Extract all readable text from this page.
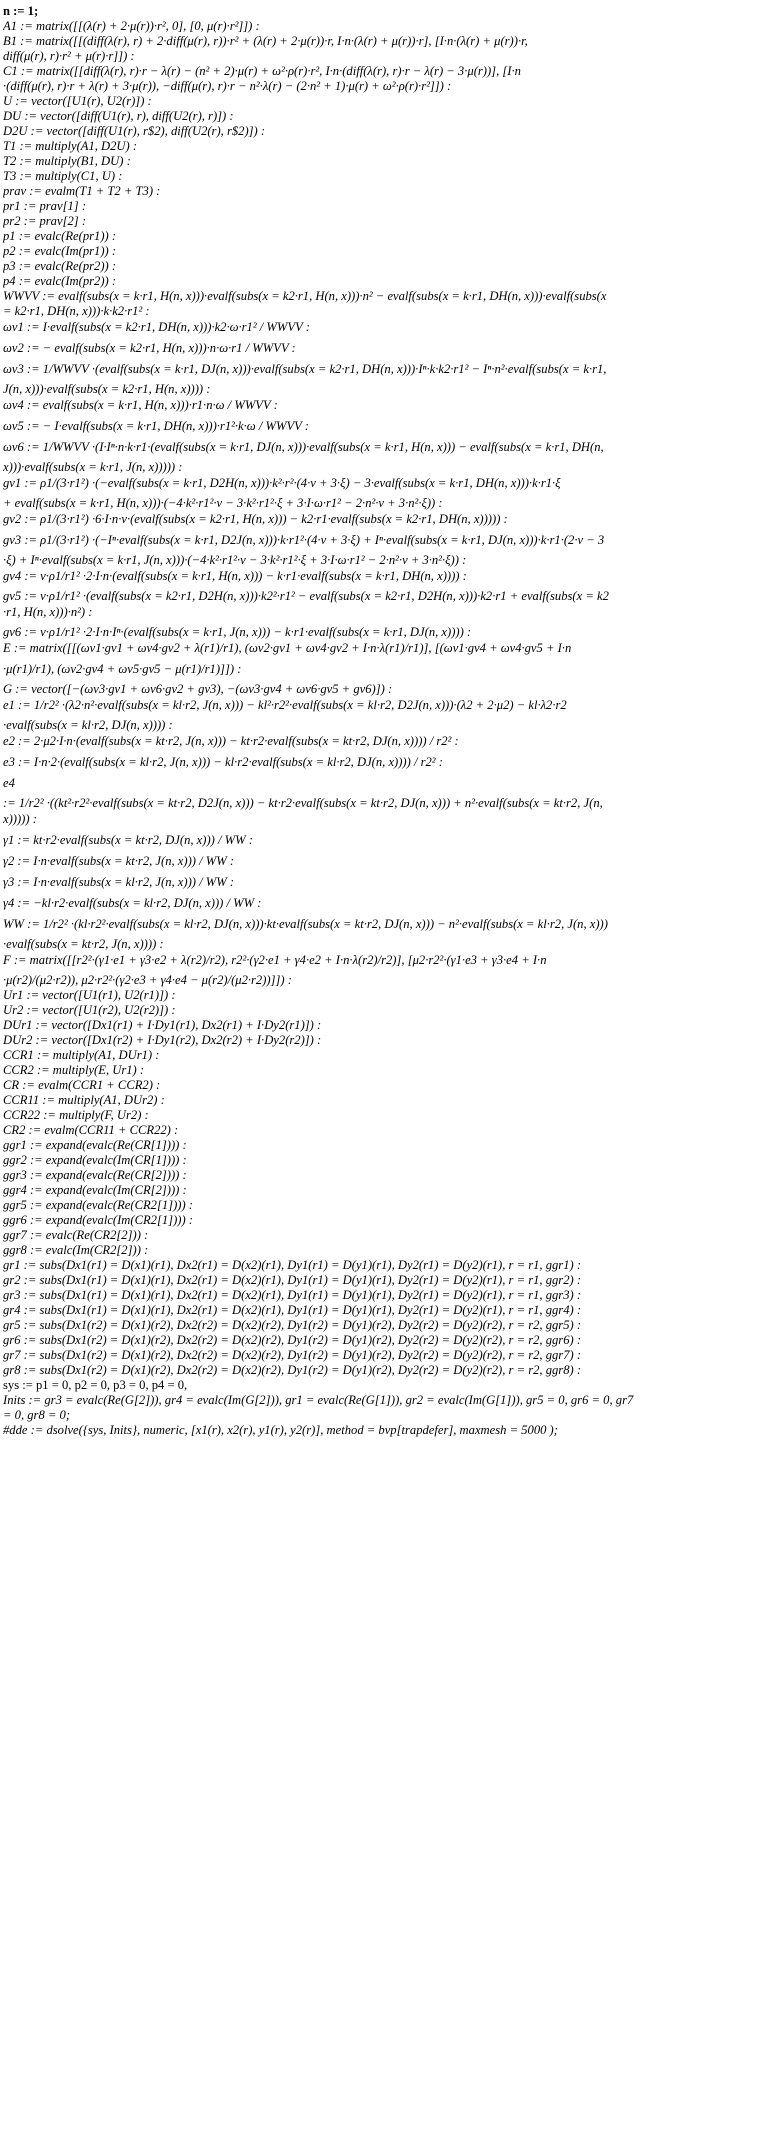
n := 1;
A1 := matrix([[(λ(r) + 2·μ(r))·r², 0], [0, μ(r)·r²]]) :
B1 := matrix([[(diff(λ(r), r) + 2·diff(μ(r), r))·r² + (λ(r) + 2·μ(r))·r, I·n·(λ(r) + μ(r))·r], [I·n·(λ(r) + μ(r))·r,
diff(μ(r), r)·r² + μ(r)·r]]) :
C1 := matrix([[diff(λ(r), r)·r − λ(r) − (n² + 2)·μ(r) + ω²·ρ(r)·r², I·n·(diff(λ(r), r)·r − λ(r) − 3·μ(r))], [I·n
·(diff(μ(r), r)·r + λ(r) + 3·μ(r)), −diff(μ(r), r)·r − n²·λ(r) − (2·n² + 1)·μ(r) + ω²·ρ(r)·r²]]) :
U := vector([U1(r), U2(r)]) :
DU := vector([diff(U1(r), r), diff(U2(r), r)]) :
D2U := vector([diff(U1(r), r$2), diff(U2(r), r$2)]) :
T1 := multiply(A1, D2U) :
T2 := multiply(B1, DU) :
T3 := multiply(C1, U) :
prav := evalm(T1 + T2 + T3) :
pr1 := prav[1] :
pr2 := prav[2] :
p1 := evalc(Re(pr1)) :
p2 := evalc(Im(pr1)) :
p3 := evalc(Re(pr2)) :
p4 := evalc(Im(pr2)) :
WWVV := evalf(subs(x = k·r1, H(n, x)))·evalf(subs(x = k2·r1, H(n, x)))·n² − evalf(subs(x = k·r1, DH(n, x)))·evalf(subs(x
= k2·r1, DH(n, x)))·k·k2·r1² :
ωv1 := I·evalf(subs(x = k2·r1, DH(n, x)))·k2·ω·r1² / WWVV :
ωv2 := − evalf(subs(x = k2·r1, H(n, x)))·n·ω·r1 / WWVV :
ωv3 := 1/WWVV ·(evalf(subs(x = k·r1, DJ(n, x)))·evalf(subs(x = k2·r1, DH(n, x)))·Iⁿ·k·k2·r1² − Iⁿ·n²·evalf(subs(x = k·r1,
J(n, x)))·evalf(subs(x = k2·r1, H(n, x)))) :
ωv4 := evalf(subs(x = k·r1, H(n, x)))·r1·n·ω / WWVV :
ωv5 := − I·evalf(subs(x = k·r1, DH(n, x)))·r1²·k·ω / WWVV :
ωv6 := 1/WWVV ·(I·Iⁿ·n·k·r1·(evalf(subs(x = k·r1, DJ(n, x)))·evalf(subs(x = k·r1, H(n, x))) − evalf(subs(x = k·r1, DH(n,
x)))·evalf(subs(x = k·r1, J(n, x))))) :
gv1 := ρ1/(3·r1²) ·(−evalf(subs(x = k·r1, D2H(n, x)))·k²·r²·(4·ν + 3·ξ) − 3·evalf(subs(x = k·r1, DH(n, x)))·k·r1·ξ
+ evalf(subs(x = k·r1, H(n, x)))·(−4·k²·r1²·ν − 3·k²·r1²·ξ + 3·I·ω·r1² − 2·n²·ν + 3·n²·ξ)) :
gv2 := ρ1/(3·r1²) ·6·I·n·ν·(evalf(subs(x = k2·r1, H(n, x))) − k2·r1·evalf(subs(x = k2·r1, DH(n, x))))) :
gv3 := ρ1/(3·r1²) ·(−Iⁿ·evalf(subs(x = k·r1, D2J(n, x)))·k·r1²·(4·ν + 3·ξ) + Iⁿ·evalf(subs(x = k·r1, DJ(n, x)))·k·r1·(2·ν − 3
·ξ) + Iⁿ·evalf(subs(x = k·r1, J(n, x)))·(−4·k²·r1²·ν − 3·k²·r1²·ξ + 3·I·ω·r1² − 2·n²·ν + 3·n²·ξ)) :
gv4 := ν·ρ1/r1² ·2·I·n·(evalf(subs(x = k·r1, H(n, x))) − k·r1·evalf(subs(x = k·r1, DH(n, x)))) :
gv5 := ν·ρ1/r1² ·(evalf(subs(x = k2·r1, D2H(n, x)))·k2²·r1² − evalf(subs(x = k2·r1, D2H(n, x)))·k2·r1 + evalf(subs(x = k2
·r1, H(n, x)))·n²) :
gv6 := ν·ρ1/r1² ·2·I·n·Iⁿ·(evalf(subs(x = k·r1, J(n, x))) − k·r1·evalf(subs(x = k·r1, DJ(n, x)))) :
E := matrix([[(ωv1·gv1 + ωv4·gv2 + λ(r1)/r1), (ωv2·gv1 + ωv4·gv2 + I·n·λ(r1)/r1)], [(ωv1·gv4 + ωv4·gv5 + I·n
·μ(r1)/r1), (ωv2·gv4 + ωv5·gv5 − μ(r1)/r1)]]) :
G := vector([−(ωv3·gv1 + ωv6·gv2 + gv3), −(ωv3·gv4 + ωv6·gv5 + gv6)]) :
e1 := 1/r2² ·(λ2·n²·evalf(subs(x = kl·r2, J(n, x))) − kl²·r2²·evalf(subs(x = kl·r2, D2J(n, x)))·(λ2 + 2·μ2) − kl·λ2·r2
·evalf(subs(x = kl·r2, DJ(n, x)))) :
e2 := 2·μ2·I·n·(evalf(subs(x = kt·r2, J(n, x))) − kt·r2·evalf(subs(x = kt·r2, DJ(n, x)))) / r2² :
e3 := I·n·2·(evalf(subs(x = kl·r2, J(n, x))) − kl·r2·evalf(subs(x = kl·r2, DJ(n, x)))) / r2² :
e4
:= 1/r2² ·((kt²·r2²·evalf(subs(x = kt·r2, D2J(n, x))) − kt·r2·evalf(subs(x = kt·r2, DJ(n, x))) + n²·evalf(subs(x = kt·r2, J(n,
x))))) :
γ1 := kt·r2·evalf(subs(x = kt·r2, DJ(n, x))) / WW :
γ2 := I·n·evalf(subs(x = kt·r2, J(n, x))) / WW :
γ3 := I·n·evalf(subs(x = kl·r2, J(n, x))) / WW :
γ4 := −kl·r2·evalf(subs(x = kl·r2, DJ(n, x))) / WW :
WW := 1/r2² ·(kl·r2²·evalf(subs(x = kl·r2, DJ(n, x)))·kt·evalf(subs(x = kt·r2, DJ(n, x))) − n²·evalf(subs(x = kl·r2, J(n, x)))
·evalf(subs(x = kt·r2, J(n, x)))) :
F := matrix([[r2²·(γ1·e1 + γ3·e2 + λ(r2)/r2), r2²·(γ2·e1 + γ4·e2 + I·n·λ(r2)/r2)], [μ2·r2²·(γ1·e3 + γ3·e4 + I·n
·μ(r2)/(μ2·r2)), μ2·r2²·(γ2·e3 + γ4·e4 − μ(r2)/(μ2·r2))]]) :
Ur1 := vector([U1(r1), U2(r1)]) :
Ur2 := vector([U1(r2), U2(r2)]) :
DUr1 := vector([Dx1(r1) + I·Dy1(r1), Dx2(r1) + I·Dy2(r1)]) :
DUr2 := vector([Dx1(r2) + I·Dy1(r2), Dx2(r2) + I·Dy2(r2)]) :
CCR1 := multiply(A1, DUr1) :
CCR2 := multiply(E, Ur1) :
CR := evalm(CCR1 + CCR2) :
CCR11 := multiply(A1, DUr2) :
CCR22 := multiply(F, Ur2) :
CR2 := evalm(CCR11 + CCR22) :
ggr1 := expand(evalc(Re(CR[1]))) :
ggr2 := expand(evalc(Im(CR[1]))) :
ggr3 := expand(evalc(Re(CR[2]))) :
ggr4 := expand(evalc(Im(CR[2]))) :
ggr5 := expand(evalc(Re(CR2[1]))) :
ggr6 := expand(evalc(Im(CR2[1]))) :
ggr7 := evalc(Re(CR2[2])) :
ggr8 := evalc(Im(CR2[2])) :
gr1 := subs(Dx1(r1) = D(x1)(r1), Dx2(r1) = D(x2)(r1), Dy1(r1) = D(y1)(r1), Dy2(r1) = D(y2)(r1), r = r1, ggr1) :
gr2 := subs(Dx1(r1) = D(x1)(r1), Dx2(r1) = D(x2)(r1), Dy1(r1) = D(y1)(r1), Dy2(r1) = D(y2)(r1), r = r1, ggr2) :
gr3 := subs(Dx1(r1) = D(x1)(r1), Dx2(r1) = D(x2)(r1), Dy1(r1) = D(y1)(r1), Dy2(r1) = D(y2)(r1), r = r1, ggr3) :
gr4 := subs(Dx1(r1) = D(x1)(r1), Dx2(r1) = D(x2)(r1), Dy1(r1) = D(y1)(r1), Dy2(r1) = D(y2)(r1), r = r1, ggr4) :
gr5 := subs(Dx1(r2) = D(x1)(r2), Dx2(r2) = D(x2)(r2), Dy1(r2) = D(y1)(r2), Dy2(r2) = D(y2)(r2), r = r2, ggr5) :
gr6 := subs(Dx1(r2) = D(x1)(r2), Dx2(r2) = D(x2)(r2), Dy1(r2) = D(y1)(r2), Dy2(r2) = D(y2)(r2), r = r2, ggr6) :
gr7 := subs(Dx1(r2) = D(x1)(r2), Dx2(r2) = D(x2)(r2), Dy1(r2) = D(y1)(r2), Dy2(r2) = D(y2)(r2), r = r2, ggr7) :
gr8 := subs(Dx1(r2) = D(x1)(r2), Dx2(r2) = D(x2)(r2), Dy1(r2) = D(y1)(r2), Dy2(r2) = D(y2)(r2), r = r2, ggr8) :
sys := p1 = 0, p2 = 0, p3 = 0, p4 = 0,
Inits := gr3 = evalc(Re(G[2])), gr4 = evalc(Im(G[2])), gr1 = evalc(Re(G[1])), gr2 = evalc(Im(G[1])), gr5 = 0, gr6 = 0, gr7
= 0, gr8 = 0;
#dde := dsolve({sys, Inits}, numeric, [x1(r), x2(r), y1(r), y2(r)], method = bvp[trapdefer], maxmesh = 5000 );
